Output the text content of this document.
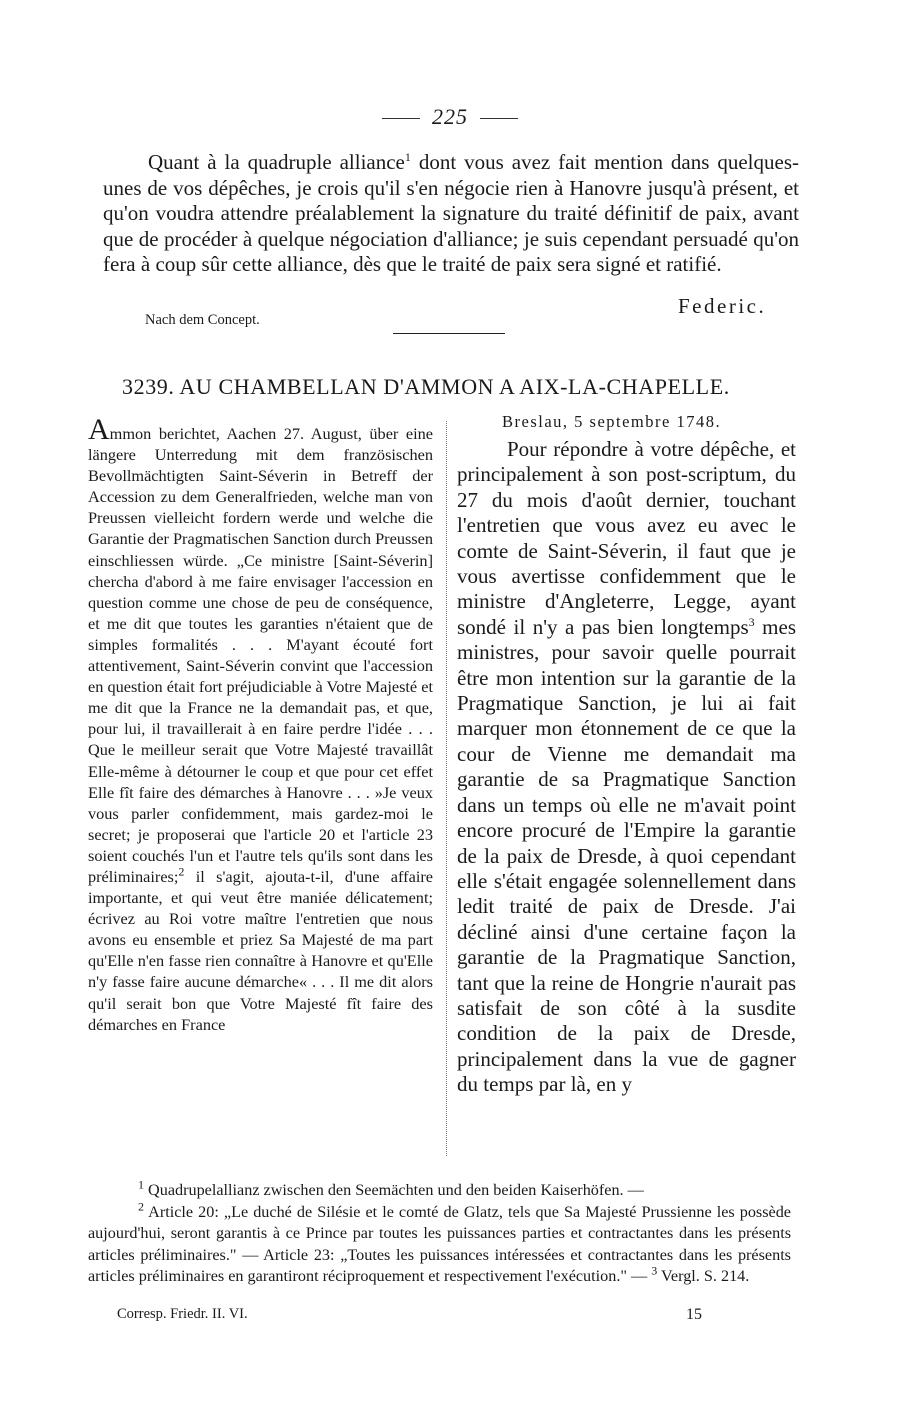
225
Quant à la quadruple alliance$^1$ dont vous avez fait mention dans quelques-unes de vos dépêches, je crois qu'il s'en négocie rien à Hanovre jusqu'à présent, et qu'on voudra attendre préalablement la signature du traité définitif de paix, avant que de procéder à quelque négociation d'alliance; je suis cependant persuadé qu'on fera à coup sûr cette alliance, dès que le traité de paix sera signé et ratifié.
Federic.
Nach dem Concept.
3239. AU CHAMBELLAN D'AMMON A AIX-LA-CHAPELLE.
Ammon berichtet, Aachen 27. August, über eine längere Unterredung mit dem französischen Bevollmächtigten Saint-Séverin in Betreff der Accession zu dem Generalfrieden, welche man von Preussen vielleicht fordern werde und welche die Garantie der Pragmatischen Sanction durch Preussen einschliessen würde. „Ce ministre [Saint-Séverin] chercha d'abord à me faire envisager l'accession en question comme une chose de peu de conséquence, et me dit que toutes les garanties n'étaient que de simples formalités . . . M'ayant écouté fort attentivement, Saint-Séverin convint que l'accession en question était fort préjudiciable à Votre Majesté et me dit que la France ne la demandait pas, et que, pour lui, il travaillerait à en faire perdre l'idée . . . Que le meilleur serait que Votre Majesté travaillât Elle-même à détourner le coup et que pour cet effet Elle fît faire des démarches à Hanovre . . . »Je veux vous parler confidemment, mais gardez-moi le secret; je proposerai que l'article 20 et l'article 23 soient couchés l'un et l'autre tels qu'ils sont dans les préliminaires;$^2$ il s'agit, ajouta-t-il, d'une affaire importante, et qui veut être maniée délicatement; écrivez au Roi votre maître l'entretien que nous avons eu ensemble et priez Sa Majesté de ma part qu'Elle n'en fasse rien connaître à Hanovre et qu'Elle n'y fasse faire aucune démarche« . . . Il me dit alors qu'il serait bon que Votre Majesté fît faire des démarches en France
Breslau, 5 septembre 1748.
Pour répondre à votre dépêche, et principalement à son post-scriptum, du 27 du mois d'août dernier, touchant l'entretien que vous avez eu avec le comte de Saint-Séverin, il faut que je vous avertisse confidemment que le ministre d'Angleterre, Legge, ayant sondé il n'y a pas bien longtemps$^3$ mes ministres, pour savoir quelle pourrait être mon intention sur la garantie de la Pragmatique Sanction, je lui ai fait marquer mon étonnement de ce que la cour de Vienne me demandait ma garantie de sa Pragmatique Sanction dans un temps où elle ne m'avait point encore procuré de l'Empire la garantie de la paix de Dresde, à quoi cependant elle s'était engagée solennellement dans ledit traité de paix de Dresde. J'ai décliné ainsi d'une certaine façon la garantie de la Pragmatique Sanction, tant que la reine de Hongrie n'aurait pas satisfait de son côté à la susdite condition de la paix de Dresde, principalement dans la vue de gagner du temps par là, en y

$^1$ Quadrupelallianz zwischen den Seemächten und den beiden Kaiserhöfen. —

$^2$ Article 20: „Le duché de Silésie et le comté de Glatz, tels que Sa Majesté Prussienne les possède aujourd'hui, seront garantis à ce Prince par toutes les puissances parties et contractantes dans les présents articles préliminaires." — Article 23: „Toutes les puissances intéressées et contractantes dans les présents articles préliminaires en garantiront réciproquement et respectivement l'exécution." — $^3$ Vergl. S. 214.

Corresp. Friedr. II. VI.	15
